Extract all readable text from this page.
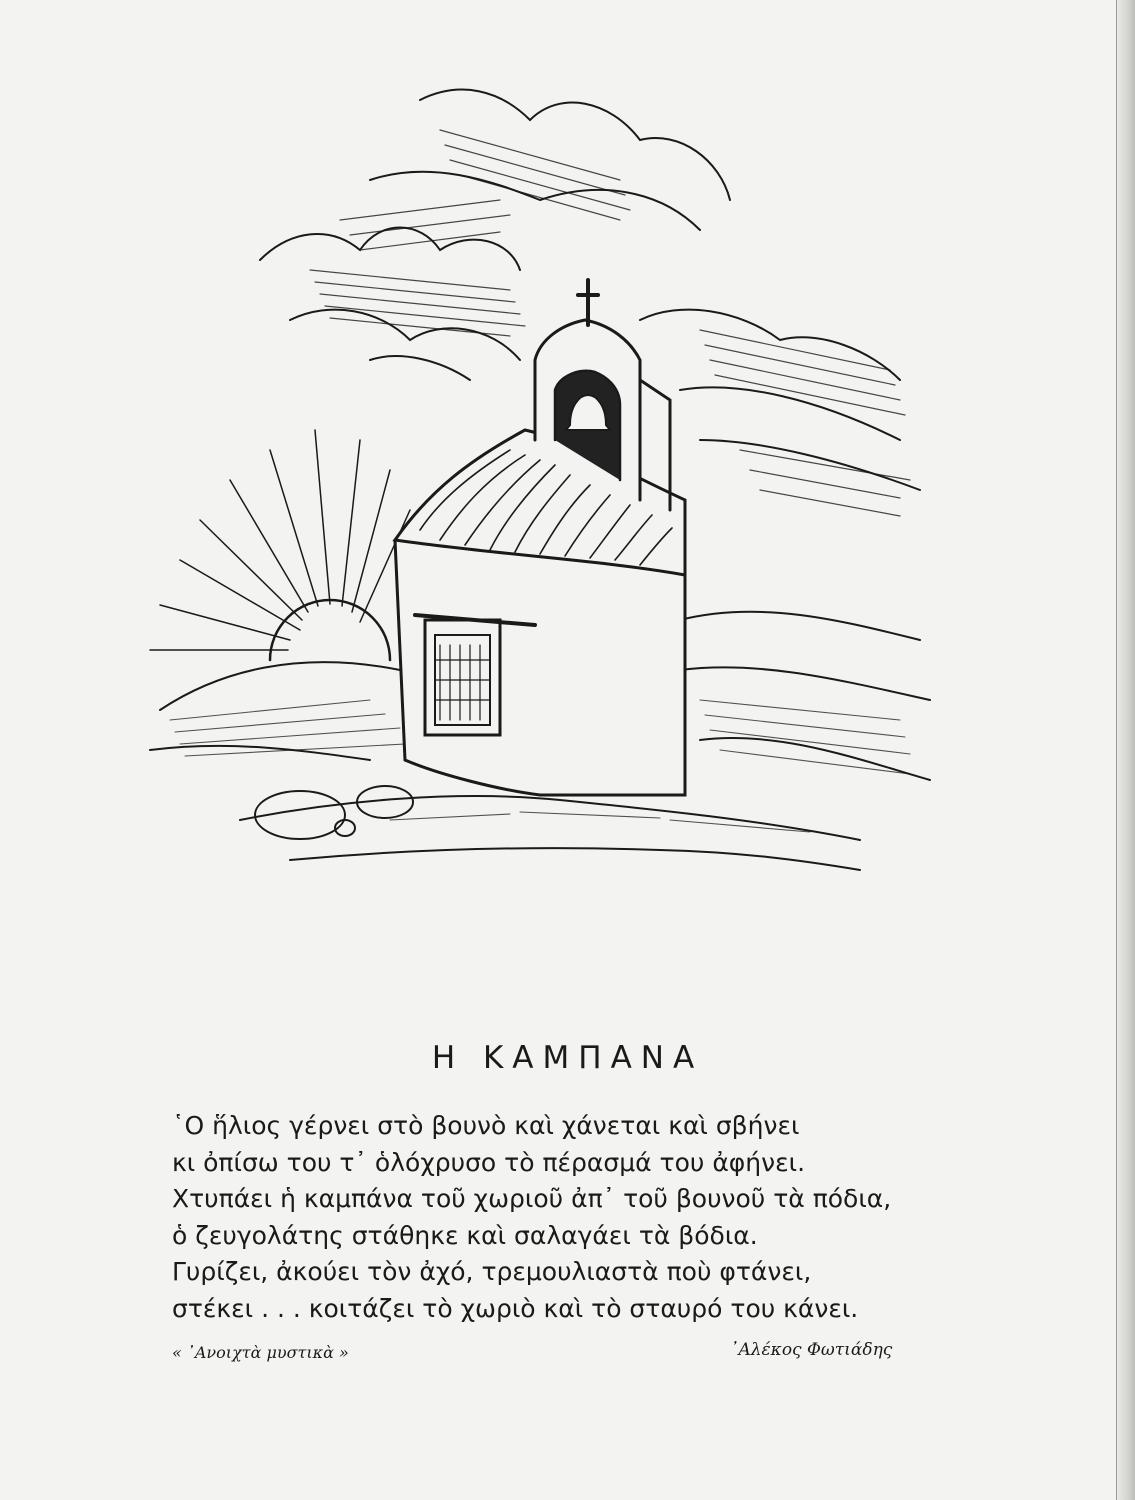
Η ΚΑΜΠΑΝΑ
῾Ο ἥλιος γέρνει στὸ βουνὸ καὶ χάνεται καὶ σβήνει
κι ὀπίσω του τ᾽ ὁλόχρυσο τὸ πέρασμά του ἀφήνει.
Χτυπάει ἡ καμπάνα τοῦ χωριοῦ ἀπ᾽ τοῦ βουνοῦ τὰ πόδια,
ὁ ζευγολάτης στάθηκε καὶ σαλαγάει τὰ βόδια.
Γυρίζει, ἀκούει τὸν ἀχό, τρεμουλιαστὰ ποὺ φτάνει,
στέκει . . . κοιτάζει τὸ χωριὸ καὶ τὸ σταυρό του κάνει.
« ᾿Ανοιχτὰ μυστικὰ »	᾿Αλέκος Φωτιάδης
